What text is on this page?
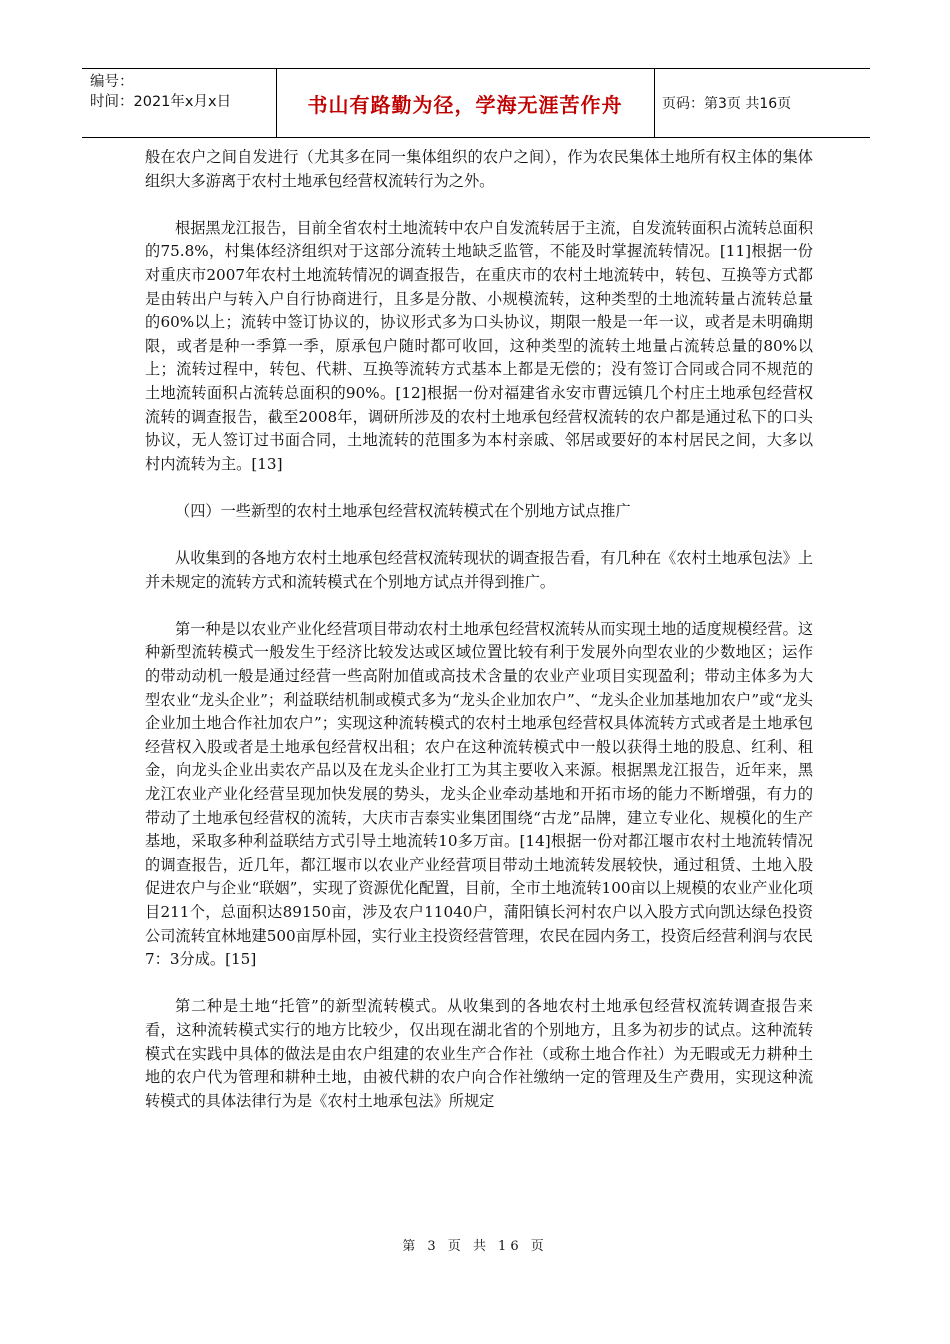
编号：
时间：2021年x月x日	书山有路勤为径，学海无涯苦作舟	页码：第3页 共16页

般在农户之间自发进行（尤其多在同一集体组织的农户之间），作为农民集体土地所有权主体的集体组织大多游离于农村土地承包经营权流转行为之外。

根据黑龙江报告，目前全省农村土地流转中农户自发流转居于主流，自发流转面积占流转总面积的75.8%，村集体经济组织对于这部分流转土地缺乏监管，不能及时掌握流转情况。[11]根据一份对重庆市2007年农村土地流转情况的调查报告，在重庆市的农村土地流转中，转包、互换等方式都是由转出户与转入户自行协商进行，且多是分散、小规模流转，这种类型的土地流转量占流转总量的60%以上；流转中签订协议的，协议形式多为口头协议，期限一般是一年一议，或者是未明确期限，或者是种一季算一季，原承包户随时都可收回，这种类型的流转土地量占流转总量的80%以上；流转过程中，转包、代耕、互换等流转方式基本上都是无偿的；没有签订合同或合同不规范的土地流转面积占流转总面积的90%。[12]根据一份对福建省永安市曹远镇几个村庄土地承包经营权流转的调查报告，截至2008年，调研所涉及的农村土地承包经营权流转的农户都是通过私下的口头协议，无人签订过书面合同，土地流转的范围多为本村亲戚、邻居或要好的本村居民之间，大多以村内流转为主。[13]

（四）一些新型的农村土地承包经营权流转模式在个别地方试点推广

从收集到的各地方农村土地承包经营权流转现状的调查报告看，有几种在《农村土地承包法》上并未规定的流转方式和流转模式在个别地方试点并得到推广。

第一种是以农业产业化经营项目带动农村土地承包经营权流转从而实现土地的适度规模经营。这种新型流转模式一般发生于经济比较发达或区域位置比较有利于发展外向型农业的少数地区；运作的带动动机一般是通过经营一些高附加值或高技术含量的农业产业项目实现盈利；带动主体多为大型农业“龙头企业”；利益联结机制或模式多为“龙头企业加农户”、“龙头企业加基地加农户”或“龙头企业加土地合作社加农户”；实现这种流转模式的农村土地承包经营权具体流转方式或者是土地承包经营权入股或者是土地承包经营权出租；农户在这种流转模式中一般以获得土地的股息、红利、租金，向龙头企业出卖农产品以及在龙头企业打工为其主要收入来源。根据黑龙江报告，近年来，黑龙江农业产业化经营呈现加快发展的势头，龙头企业牵动基地和开拓市场的能力不断增强，有力的带动了土地承包经营权的流转，大庆市吉泰实业集团围绕“古龙”品牌，建立专业化、规模化的生产基地，采取多种利益联结方式引导土地流转10多万亩。[14]根据一份对都江堰市农村土地流转情况的调查报告，近几年，都江堰市以农业产业经营项目带动土地流转发展较快，通过租赁、土地入股促进农户与企业“联姻”，实现了资源优化配置，目前，全市土地流转100亩以上规模的农业产业化项目211个，总面积达89150亩，涉及农户11040户，蒲阳镇长河村农户以入股方式向凯达绿色投资公司流转宜林地建500亩厚朴园，实行业主投资经营管理，农民在园内务工，投资后经营利润与农民7：3分成。[15]

第二种是土地“托管”的新型流转模式。从收集到的各地农村土地承包经营权流转调查报告来看，这种流转模式实行的地方比较少，仅出现在湖北省的个别地方，且多为初步的试点。这种流转模式在实践中具体的做法是由农户组建的农业生产合作社（或称土地合作社）为无暇或无力耕种土地的农户代为管理和耕种土地，由被代耕的农户向合作社缴纳一定的管理及生产费用，实现这种流转模式的具体法律行为是《农村土地承包法》所规定

第 3 页 共 16 页
